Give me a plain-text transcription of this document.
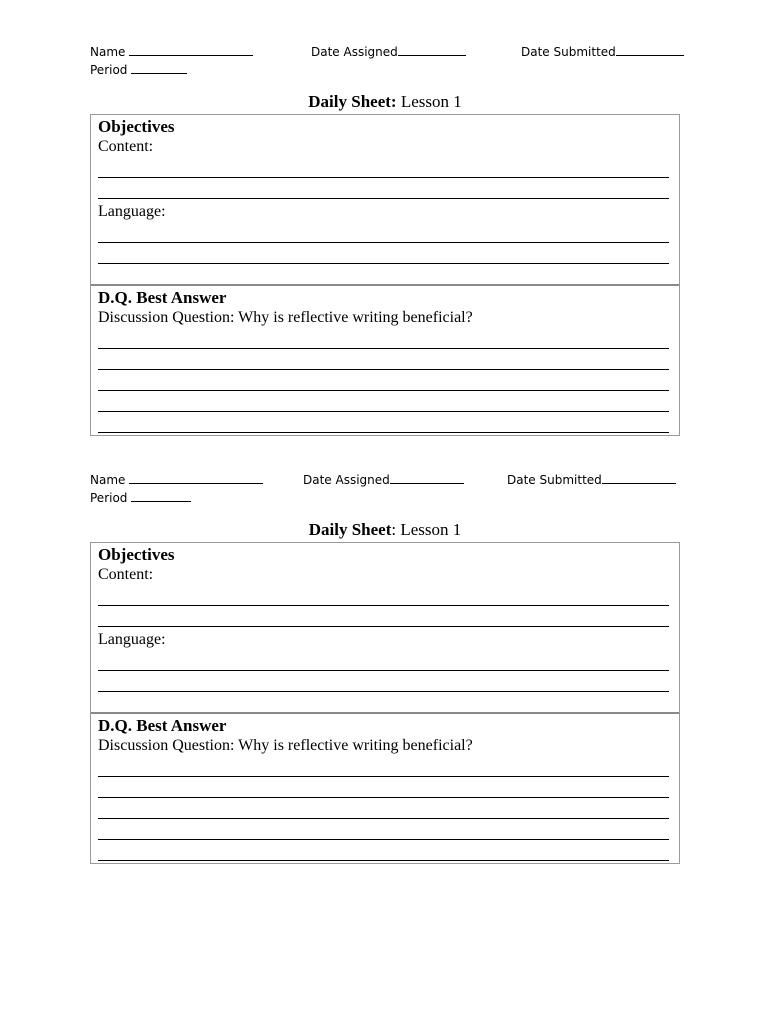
Name	Date Assigned	Date Submitted
Period
Daily Sheet: Lesson 1
Objectives
Content:
Language:
D.Q. Best Answer
Discussion Question: Why is reflective writing beneficial?
Name	Date Assigned	Date Submitted
Period
Daily Sheet: Lesson 1
Objectives
Content:
Language:
D.Q. Best Answer
Discussion Question: Why is reflective writing beneficial?
